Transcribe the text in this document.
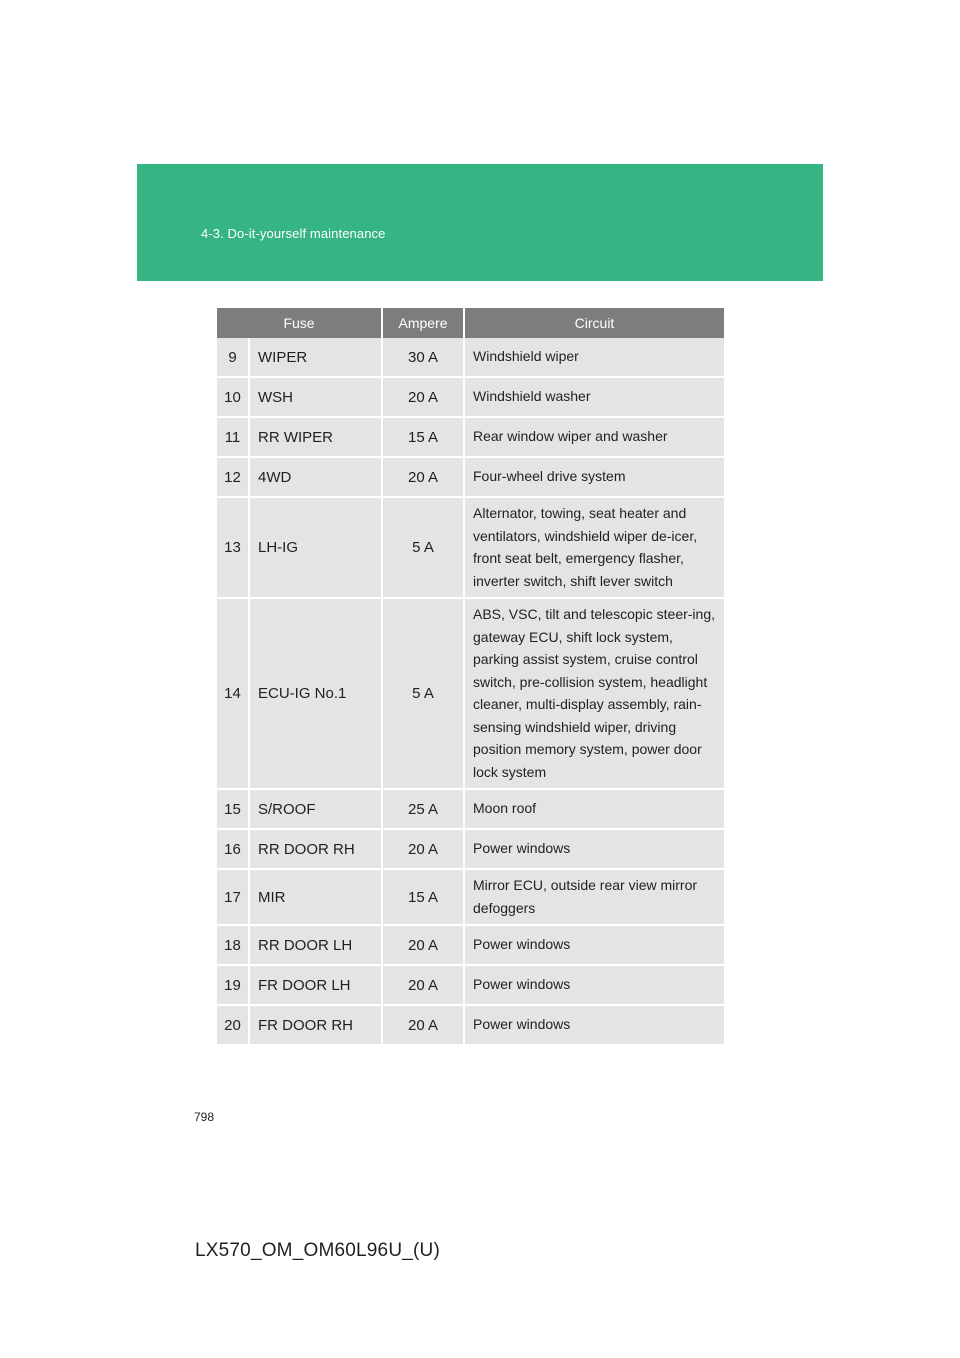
4-3. Do-it-yourself maintenance
Fuse		Ampere	Circuit
9	WIPER	30 A	Windshield wiper
10	WSH	20 A	Windshield washer
11	RR WIPER	15 A	Rear window wiper and washer
12	4WD	20 A	Four-wheel drive system
13	LH-IG	5 A	Alternator, towing, seat heater and ventilators, windshield wiper de-icer, front seat belt, emergency flasher, inverter switch, shift lever switch
14	ECU-IG No.1	5 A	ABS, VSC, tilt and telescopic steer-ing, gateway ECU, shift lock system, parking assist system, cruise control switch, pre-collision system, headlight cleaner, multi-display assembly, rain-sensing windshield wiper, driving position memory system, power door lock system
15	S/ROOF	25 A	Moon roof
16	RR DOOR RH	20 A	Power windows
17	MIR	15 A	Mirror ECU, outside rear view mirror defoggers
18	RR DOOR LH	20 A	Power windows
19	FR DOOR LH	20 A	Power windows
20	FR DOOR RH	20 A	Power windows
798
LX570_OM_OM60L96U_(U)
